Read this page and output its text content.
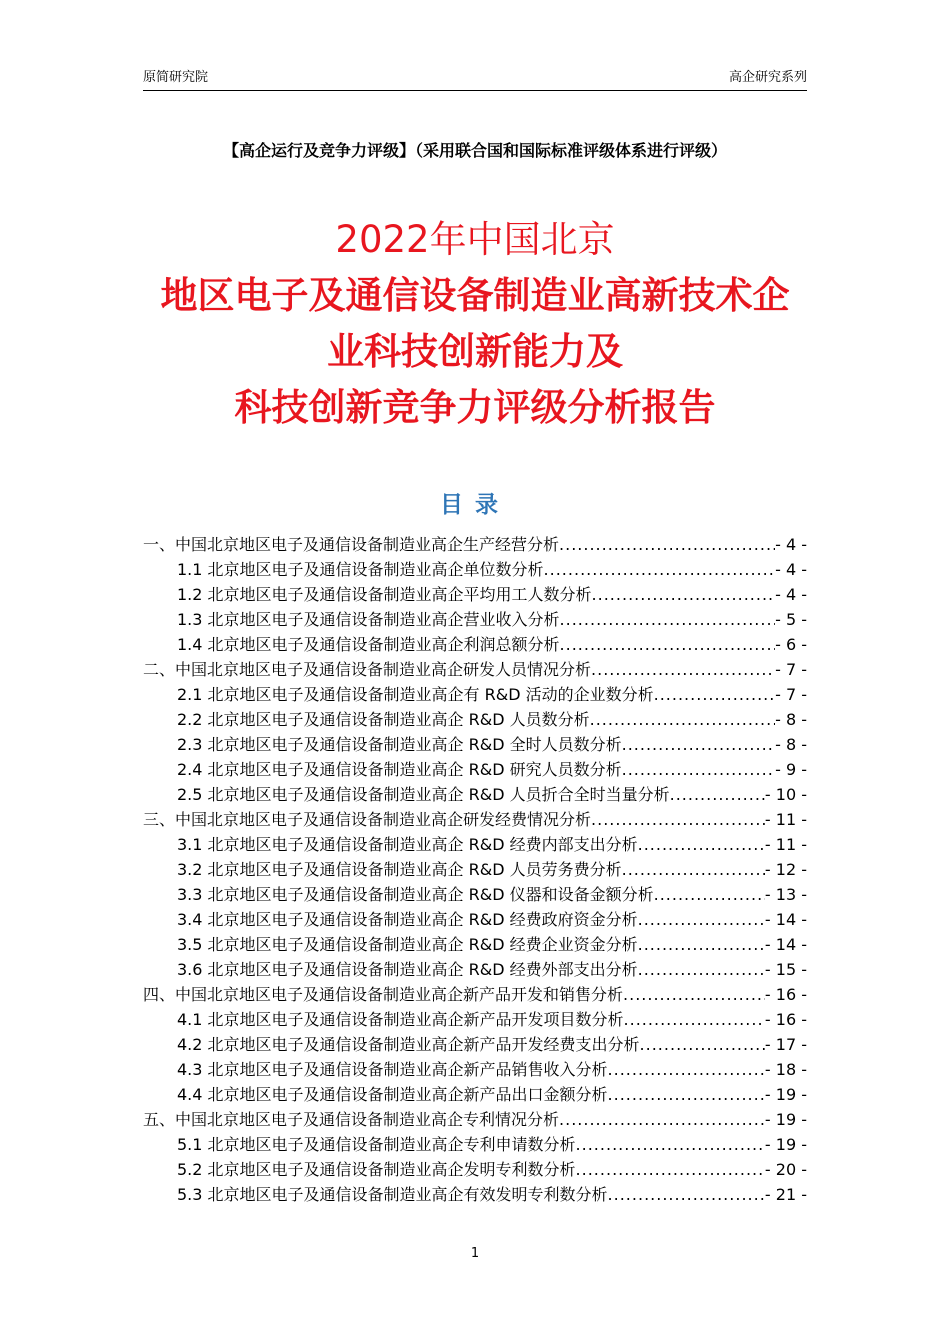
原简研究院	高企研究系列
【高企运行及竞争力评级】（采用联合国和国际标准评级体系进行评级）
2022年中国北京
地区电子及通信设备制造业高新技术企
业科技创新能力及
科技创新竞争力评级分析报告
目录
一、中国北京地区电子及通信设备制造业高企生产经营分析 .....	- 4 -
1.1 北京地区电子及通信设备制造业高企单位数分析 .....	- 4 -
1.2 北京地区电子及通信设备制造业高企平均用工人数分析 .....	- 4 -
1.3 北京地区电子及通信设备制造业高企营业收入分析 .....	- 5 -
1.4 北京地区电子及通信设备制造业高企利润总额分析 .....	- 6 -
二、中国北京地区电子及通信设备制造业高企研发人员情况分析 .....	- 7 -
2.1 北京地区电子及通信设备制造业高企有 R&D 活动的企业数分析 .....	- 7 -
2.2 北京地区电子及通信设备制造业高企 R&D 人员数分析 .....	- 8 -
2.3 北京地区电子及通信设备制造业高企 R&D 全时人员数分析 .....	- 8 -
2.4 北京地区电子及通信设备制造业高企 R&D 研究人员数分析 .....	- 9 -
2.5 北京地区电子及通信设备制造业高企 R&D 人员折合全时当量分析 .....	- 10 -
三、中国北京地区电子及通信设备制造业高企研发经费情况分析 .....	- 11 -
3.1 北京地区电子及通信设备制造业高企 R&D 经费内部支出分析 .....	- 11 -
3.2 北京地区电子及通信设备制造业高企 R&D 人员劳务费分析 .....	- 12 -
3.3 北京地区电子及通信设备制造业高企 R&D 仪器和设备金额分析 .....	- 13 -
3.4 北京地区电子及通信设备制造业高企 R&D 经费政府资金分析 .....	- 14 -
3.5 北京地区电子及通信设备制造业高企 R&D 经费企业资金分析 .....	- 14 -
3.6 北京地区电子及通信设备制造业高企 R&D 经费外部支出分析 .....	- 15 -
四、中国北京地区电子及通信设备制造业高企新产品开发和销售分析 .....	- 16 -
4.1 北京地区电子及通信设备制造业高企新产品开发项目数分析 .....	- 16 -
4.2 北京地区电子及通信设备制造业高企新产品开发经费支出分析 .....	- 17 -
4.3 北京地区电子及通信设备制造业高企新产品销售收入分析 .....	- 18 -
4.4 北京地区电子及通信设备制造业高企新产品出口金额分析 .....	- 19 -
五、中国北京地区电子及通信设备制造业高企专利情况分析 .....	- 19 -
5.1 北京地区电子及通信设备制造业高企专利申请数分析 .....	- 19 -
5.2 北京地区电子及通信设备制造业高企发明专利数分析 .....	- 20 -
5.3 北京地区电子及通信设备制造业高企有效发明专利数分析 .....	- 21 -
1
